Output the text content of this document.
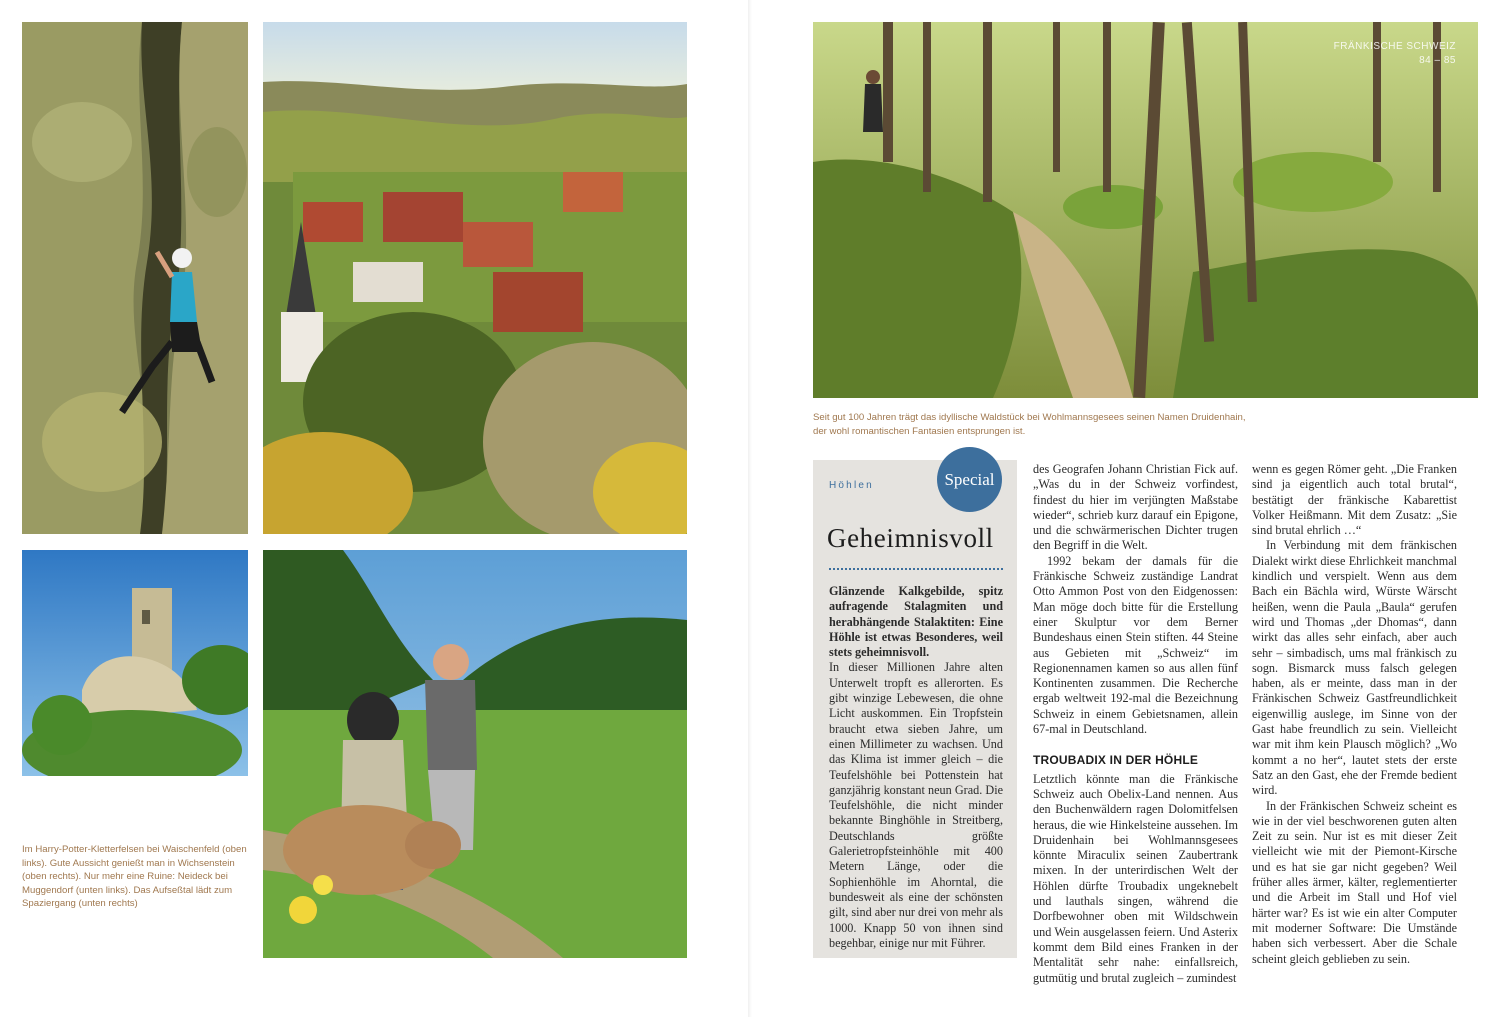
Im Harry-Potter-Kletterfelsen bei Waischenfeld (oben links). Gute Aussicht genießt man in Wichsenstein (oben rechts). Nur mehr eine Ruine: Neideck bei Muggendorf (unten links). Das Aufseßtal lädt zum Spaziergang (unten rechts)
FRÄNKISCHE SCHWEIZ
84 – 85
Seit gut 100 Jahren trägt das idyllische Waldstück bei Wohlmannsgesees seinen Namen Druidenhain, der wohl romantischen Fantasien entsprungen ist.
Special
Höhlen
Geheimnisvoll

Glänzende Kalkgebilde, spitz aufragende Stalagmiten und herabhängende Stalaktiten: Eine Höhle ist etwas Besonderes, weil stets geheimnisvoll.

In dieser Millionen Jahre alten Unterwelt tropft es allerorten. Es gibt winzige Lebewesen, die ohne Licht auskommen. Ein Tropfstein braucht etwa sieben Jahre, um einen Millimeter zu wachsen. Und das Klima ist immer gleich – die Teufelshöhle bei Pottenstein hat ganzjährig konstant neun Grad. Die Teufelshöhle, die nicht minder bekannte Binghöhle in Streitberg, Deutschlands größte Galerietropfsteinhöhle mit 400 Metern Länge, oder die Sophienhöhle im Ahorntal, die bundesweit als eine der schönsten gilt, sind aber nur drei von mehr als 1000. Knapp 50 von ihnen sind begehbar, einige nur mit Führer.

des Geografen Johann Christian Fick auf. „Was du in der Schweiz vorfindest, findest du hier im verjüngten Maßstabe wieder“, schrieb kurz darauf ein Epigone, und die schwärmerischen Dichter trugen den Begriff in die Welt.

1992 bekam der damals für die Fränkische Schweiz zuständige Landrat Otto Ammon Post von den Eidgenossen: Man möge doch bitte für die Erstellung einer Skulptur vor dem Berner Bundeshaus einen Stein stiften. 44 Steine aus Gebieten mit „Schweiz“ im Regionennamen kamen so aus allen fünf Kontinenten zusammen. Die Recherche ergab weltweit 192-mal die Bezeichnung Schweiz in einem Gebietsnamen, allein 67-mal in Deutschland.

TROUBADIX IN DER HÖHLE

Letztlich könnte man die Fränkische Schweiz auch Obelix-Land nennen. Aus den Buchenwäldern ragen Dolomitfelsen heraus, die wie Hinkelsteine aussehen. Im Druidenhain bei Wohlmannsgesees könnte Miraculix seinen Zaubertrank mixen. In der unterirdischen Welt der Höhlen dürfte Troubadix ungeknebelt und lauthals singen, während die Dorfbewohner oben mit Wildschwein und Wein ausgelassen feiern. Und Asterix kommt dem Bild eines Franken in der Mentalität sehr nahe: einfallsreich, gutmütig und brutal zugleich – zumindest

wenn es gegen Römer geht. „Die Franken sind ja eigentlich auch total brutal“, bestätigt der fränkische Kabarettist Volker Heißmann. Mit dem Zusatz: „Sie sind brutal ehrlich …“

In Verbindung mit dem fränkischen Dialekt wirkt diese Ehrlichkeit manchmal kindlich und verspielt. Wenn aus dem Bach ein Bächla wird, Würste Wärscht heißen, wenn die Paula „Baula“ gerufen wird und Thomas „der Dhomas“, dann wirkt das alles sehr einfach, aber auch sehr – simbadisch, ums mal fränkisch zu sogn. Bismarck muss falsch gelegen haben, als er meinte, dass man in der Fränkischen Schweiz Gastfreundlichkeit eigenwillig auslege, im Sinne von der Gast habe freundlich zu sein. Vielleicht war mit ihm kein Plausch möglich? „Wo kommt a no her“, lautet stets der erste Satz an den Gast, ehe der Fremde bedient wird.

In der Fränkischen Schweiz scheint es wie in der viel beschworenen guten alten Zeit zu sein. Nur ist es mit dieser Zeit vielleicht wie mit der Piemont-Kirsche und es hat sie gar nicht gegeben? Weil früher alles ärmer, kälter, reglementierter und die Arbeit im Stall und Hof viel härter war? Es ist wie ein alter Computer mit moderner Software: Die Umstände haben sich verbessert. Aber die Schale scheint gleich geblieben zu sein.
